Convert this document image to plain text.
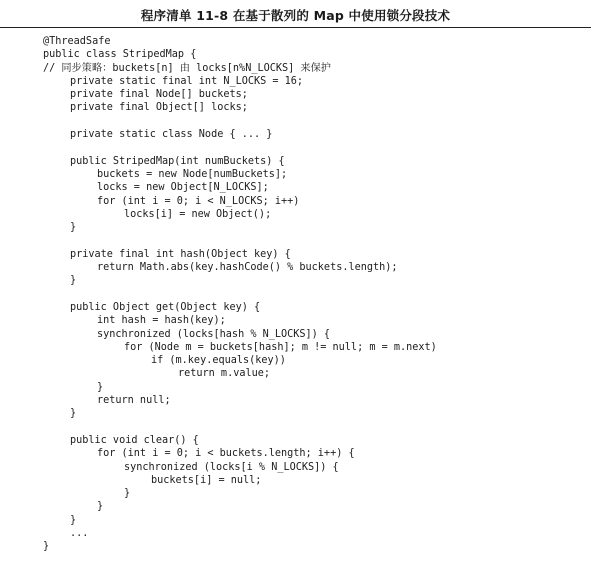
程序清单 11-8 在基于散列的 Map 中使用锁分段技术
@ThreadSafe
public class StripedMap {
// 同步策略：buckets[n] 由 locks[n%N_LOCKS] 来保护
private static final int N_LOCKS = 16;
private final Node[] buckets;
private final Object[] locks;
private static class Node { ... }
public StripedMap(int numBuckets) {
buckets = new Node[numBuckets];
locks = new Object[N_LOCKS];
for (int i = 0; i < N_LOCKS; i++)
locks[i] = new Object();
}
private final int hash(Object key) {
return Math.abs(key.hashCode() % buckets.length);
}
public Object get(Object key) {
int hash = hash(key);
synchronized (locks[hash % N_LOCKS]) {
for (Node m = buckets[hash]; m != null; m = m.next)
if (m.key.equals(key))
return m.value;
}
return null;
}
public void clear() {
for (int i = 0; i < buckets.length; i++) {
synchronized (locks[i % N_LOCKS]) {
buckets[i] = null;
}
}
}
...
}
